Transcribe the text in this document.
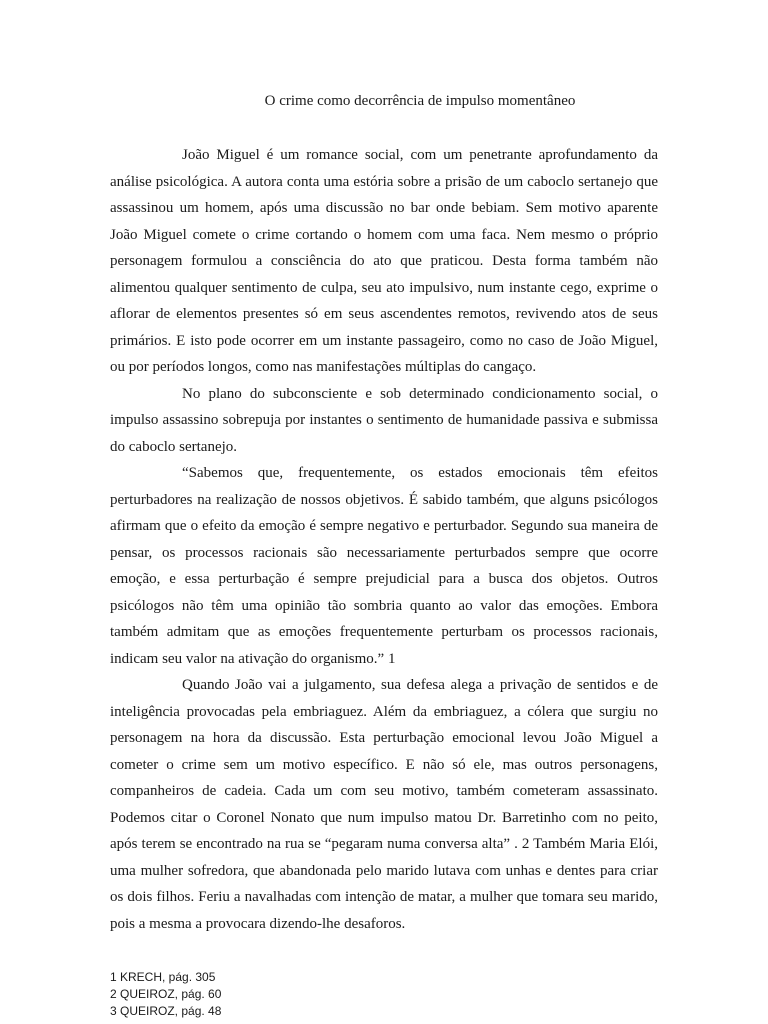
O crime como decorrência de impulso momentâneo

João Miguel é um romance social, com um penetrante aprofundamento da análise psicológica. A autora conta uma estória sobre a prisão de um caboclo sertanejo que assassinou um homem, após uma discussão no bar onde bebiam. Sem motivo aparente João Miguel comete o crime cortando o homem com uma faca. Nem mesmo o próprio personagem formulou a consciência do ato que praticou. Desta forma também não alimentou qualquer sentimento de culpa, seu ato impulsivo, num instante cego, exprime o aflorar de elementos presentes só em seus ascendentes remotos, revivendo atos de seus primários. E isto pode ocorrer em um instante passageiro, como no caso de João Miguel, ou por períodos longos, como nas manifestações múltiplas do cangaço.

No plano do subconsciente e sob determinado condicionamento social, o impulso assassino sobrepuja por instantes o sentimento de humanidade passiva e submissa do caboclo sertanejo.

“Sabemos que, frequentemente, os estados emocionais têm efeitos perturbadores na realização de nossos objetivos. É sabido também, que alguns psicólogos afirmam que o efeito da emoção é sempre negativo e perturbador. Segundo sua maneira de pensar, os processos racionais são necessariamente perturbados sempre que ocorre emoção, e essa perturbação é sempre prejudicial para a busca dos objetos. Outros psicólogos não têm uma opinião tão sombria quanto ao valor das emoções. Embora também admitam que as emoções frequentemente perturbam os processos racionais, indicam seu valor na ativação do organismo.” 1

Quando João vai a julgamento, sua defesa alega a privação de sentidos e de inteligência provocadas pela embriaguez. Além da embriaguez, a cólera que surgiu no personagem na hora da discussão. Esta perturbação emocional levou João Miguel a cometer o crime sem um motivo específico. E não só ele, mas outros personagens, companheiros de cadeia. Cada um com seu motivo, também cometeram assassinato. Podemos citar o Coronel Nonato que num impulso matou Dr. Barretinho com no peito, após terem se encontrado na rua se “pegaram numa conversa alta” . 2 Também Maria Elói, uma mulher sofredora, que abandonada pelo marido lutava com unhas e dentes para criar os dois filhos. Feriu a navalhadas com intenção de matar, a mulher que tomara seu marido, pois a mesma a provocara dizendo-lhe desaforos.

1 KRECH, pág. 305
2 QUEIROZ, pág. 60
3 QUEIROZ, pág. 48
